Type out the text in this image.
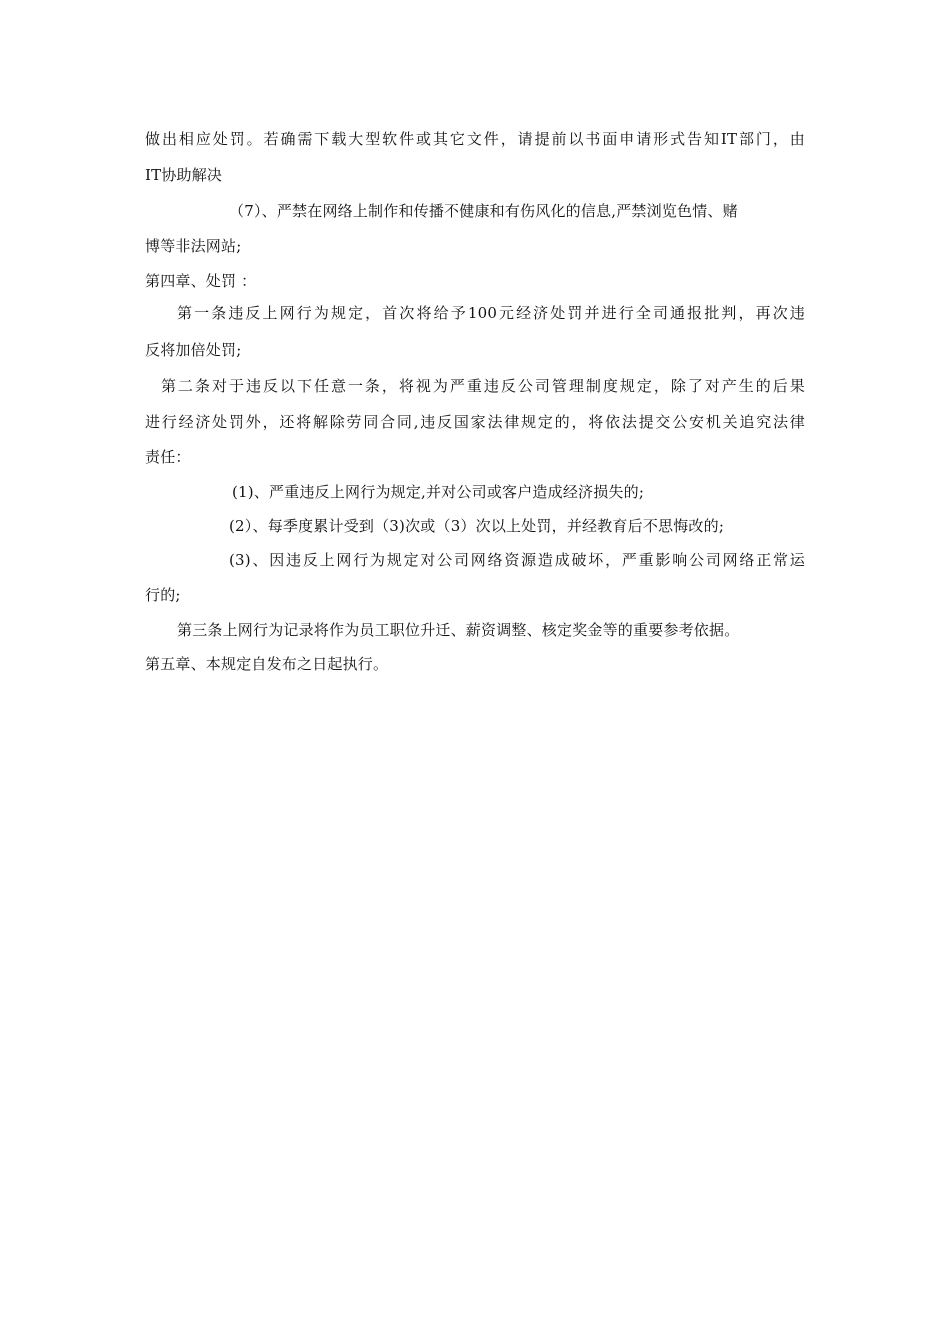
做出相应处罚。若确需下载大型软件或其它文件，请提前以书面申请形式告知IT部门，由
IT协助解决
（7）、严禁在网络上制作和传播不健康和有伤风化的信息,严禁浏览色情、赌
博等非法网站;
第四章、处罚 ：
第一条违反上网行为规定，首次将给予100元经济处罚并进行全司通报批判，再次违
反将加倍处罚;
第二条对于违反以下任意一条，将视为严重违反公司管理制度规定，除了对产生的后果
进行经济处罚外，还将解除劳同合同,违反国家法律规定的，将依法提交公安机关追究法律
责任：
(1)、严重违反上网行为规定,并对公司或客户造成经济损失的;
(2）、每季度累计受到（3)次或（3）次以上处罚，并经教育后不思悔改的;
(3)、因违反上网行为规定对公司网络资源造成破坏，严重影响公司网络正常运
行的;
第三条上网行为记录将作为员工职位升迁、薪资调整、核定奖金等的重要参考依据。
第五章、本规定自发布之日起执行。
